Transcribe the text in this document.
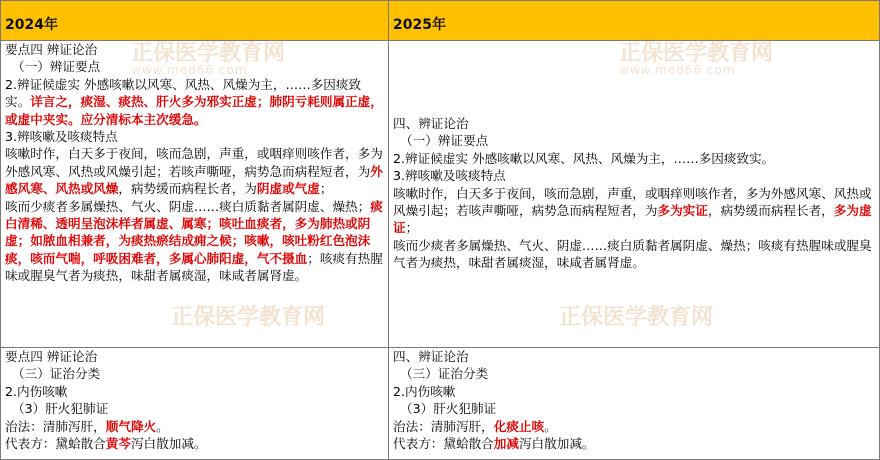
2024年	2025年
正保医学教育网
www.med66.com
正保医学教育网

要点四 辨证论治

（一）辨证要点

2.辨证候虚实 外感咳嗽以风寒、风热、风燥为主，……多因痰致实。详言之，痰湿、痰热、肝火多为邪实正虚；肺阴亏耗则属正虚，或虚中夹实。应分清标本主次缓急。

3.辨咳嗽及咳痰特点

咳嗽时作，白天多于夜间，咳而急剧，声重，或咽痒则咳作者，多为外感风寒、风热或风燥引起；若咳声嘶哑，病势急而病程短者，为外感风寒、风热或风燥，病势缓而病程长者，为阴虚或气虚；

咳而少痰者多属燥热、气火、阴虚……痰白质黏者属阴虚、燥热；痰白清稀、透明呈泡沫样者属虚、属寒；咳吐血痰者，多为肺热或阴虚；如脓血相兼者，为痰热瘀结成痈之候；咳嗽，咳吐粉红色泡沫痰，咳而气喘，呼吸困难者，多属心肺阳虚，气不摄血；咳痰有热腥味或腥臭气者为痰热，味甜者属痰湿，味咸者属肾虚。

正保医学教育网
www.med66.com
正保医学教育网

四、辨证论治

（一）辨证要点

2.辨证候虚实 外感咳嗽以风寒、风热、风燥为主，……多因痰致实。

3.辨咳嗽及咳痰特点

咳嗽时作，白天多于夜间，咳而急剧，声重，或咽痒则咳作者，多为外感风寒、风热或风燥引起；若咳声嘶哑，病势急而病程短者，为多为实证，病势缓而病程长者，多为虚证；

咳而少痰者多属燥热、气火、阴虚……痰白质黏者属阴虚、燥热；咳痰有热腥味或腥臭气者为痰热，味甜者属痰湿，味咸者属肾虚。

要点四 辨证论治

（三）证治分类

2.内伤咳嗽

（3）肝火犯肺证

治法：清肺泻肝，顺气降火。

代表方：黛蛤散合黄芩泻白散加减。

四、辨证论治

（三）证治分类

2.内伤咳嗽

（3）肝火犯肺证

治法：清肺泻肝，化痰止咳。

代表方：黛蛤散合加减泻白散加减。
